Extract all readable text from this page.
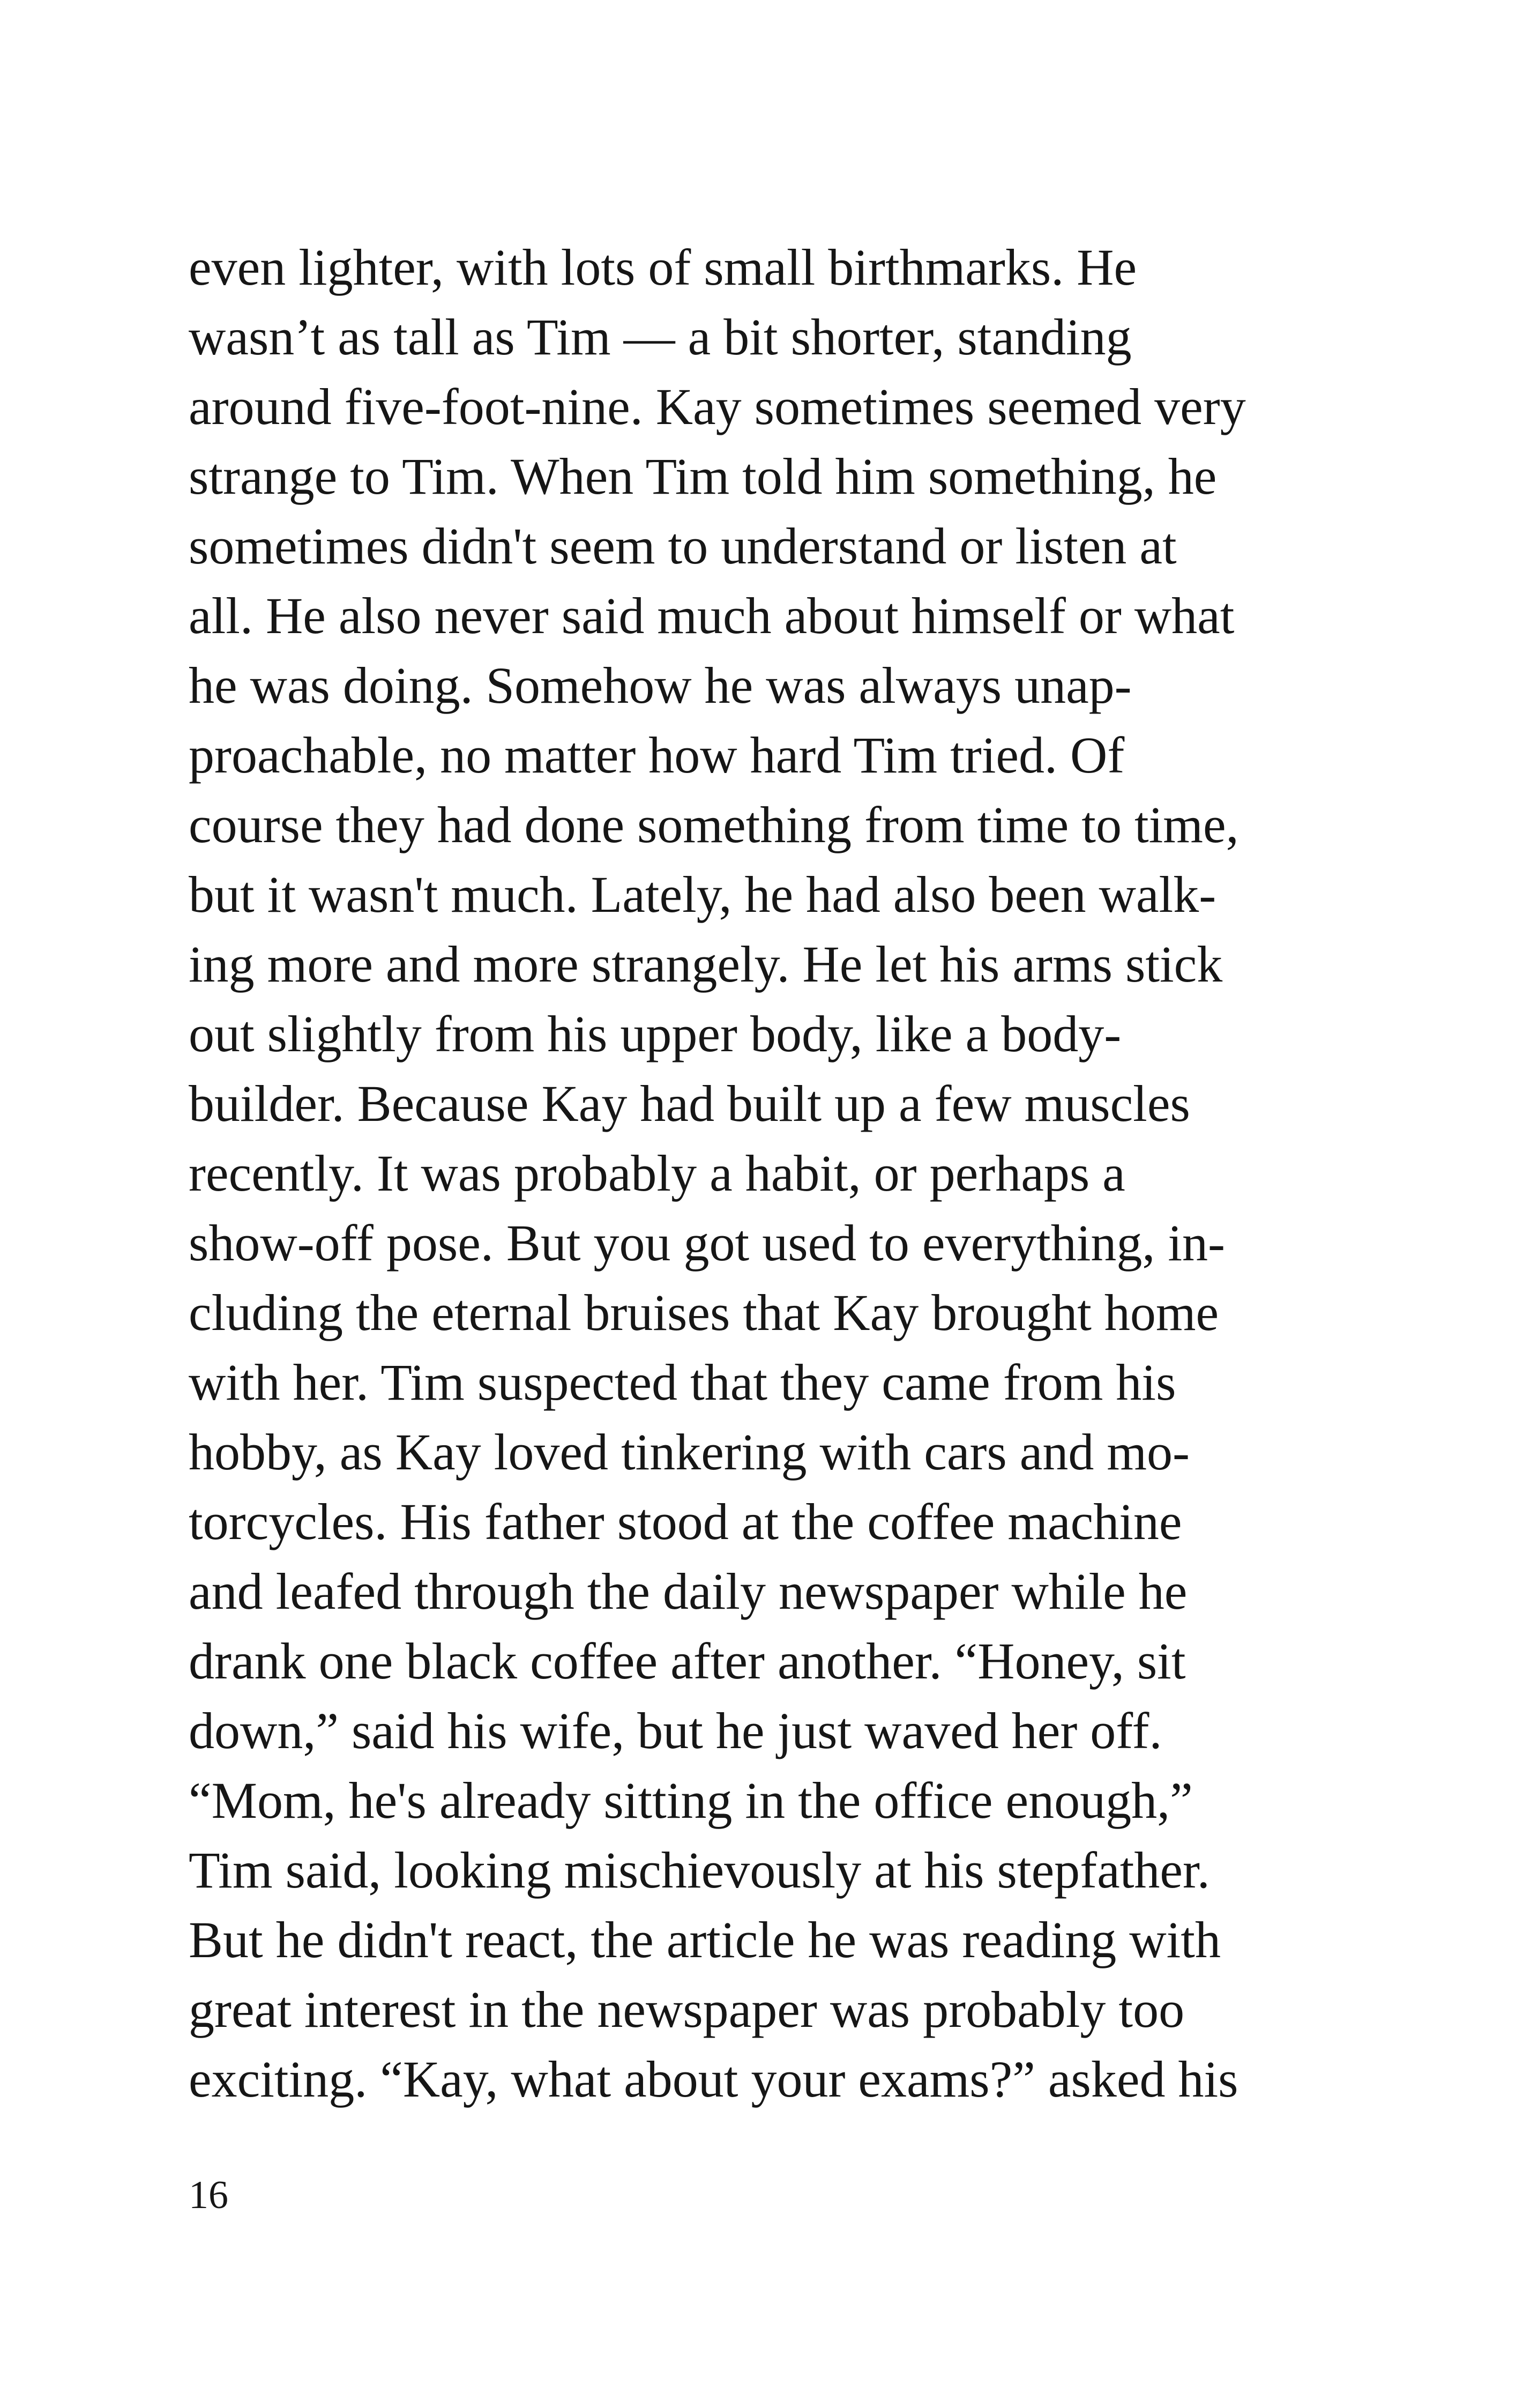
even lighter, with lots of small birthmarks. He
wasn’t as tall as Tim — a bit shorter, standing
around five-foot-nine. Kay sometimes seemed very
strange to Tim. When Tim told him something, he
sometimes didn't seem to understand or listen at
all. He also never said much about himself or what
he was doing. Somehow he was always unap-
proachable, no matter how hard Tim tried. Of
course they had done something from time to time,
but it wasn't much. Lately, he had also been walk-
ing more and more strangely. He let his arms stick
out slightly from his upper body, like a body-
builder. Because Kay had built up a few muscles
recently. It was probably a habit, or perhaps a
show-off pose. But you got used to everything, in-
cluding the eternal bruises that Kay brought home
with her. Tim suspected that they came from his
hobby, as Kay loved tinkering with cars and mo-
torcycles. His father stood at the coffee machine
and leafed through the daily newspaper while he
drank one black coffee after another. “Honey, sit
down,” said his wife, but he just waved her off.
“Mom, he's already sitting in the office enough,”
Tim said, looking mischievously at his stepfather.
But he didn't react, the article he was reading with
great interest in the newspaper was probably too
exciting. “Kay, what about your exams?” asked his
16
